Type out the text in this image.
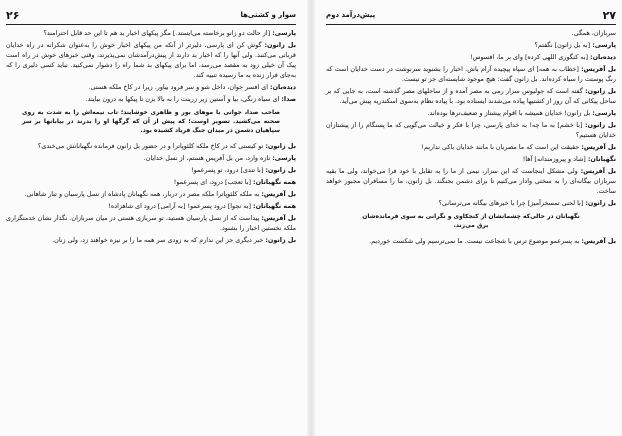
۲۶	سوار و کشتی‌ها

پارسی: [از حالت دو زانو برخاسته می‌ایستد.] مگر پیکهای اخبار بد هم تا این حد قابل احترامند؟

بل زانون: گوش کن ای پارسی، دلیرتر از آنکه من پیکهای اخبار خوش را به‌عنوان شکرانه در راه خدایان قربانی می‌کنند. ولی آنها را که اخبار بد دارند از پیش‌درآمدشان نمی‌پذیرند، وقتی خبرهای خوش در راه است پیک آن خیلی زود به مقصد می‌رسد، اما برای پیکهای بد شما راه را دشوار نمی‌کنید. نباید کسی دلیری را که به‌جای فرار زنده به ما رسیده تنبیه کند.

دیده‌بان: ای افسر جوان، داخل شو و سر فرود بیاور. زیرا در کاخ ملکه هستی.

صدا: ای سیاه زنگی، بیا و آستین زیر زرینت را به بالا بزن تا پیکها به درون بیایند.

صاحب صدا، جوانی با موهای بور و ظاهری خوشایند؛ تاب نیمه‌اش را به شدت به روی صحنه می‌کشید. تصویر اوست؛ که پیش از آن که گرگها او را بدرند در بیابانها بر سر سپاهیان دشمن در میدان جنگ فریاد کشیده بود.

بل زانون: تو کیستی که در کاخ ملکه کلئوپاترا و در حضور بل زانون فرمانده نگهبانانش می‌خندی؟

پارسی: تازه وارد، من بل آفریس هستم، از نسل خدایان.

بل زانون: [با تندی] درود، تو پسرعمو!

همه نگهبانان: [با تعجب] درود، ای پسرعمو!

بل آفریس: به ملکه کلئوپاترا ملکه مصر در دربار، همه نگهبانان پادشاه از نسل پارسیان و تبار شاهانی.

همه نگهبانان: [به نجوا] درود پسرعمو! [به آرامی] درود ای شاهزاده!

بل آفریس: پیداست که از نسل پارسیان هستید، تو سربازی هستی در میان سربازان. نگذار نشان خدمتگزاری ملکه نخستین اخبار را بشنود.

بل زانون: خبر دیگری جز این ندارم که به زودی سر همه ما را بر نیزه خواهند زد، ولی زنان.

پیش‌درآمد دوم	۲۷

سربازان، همگی.

پارسی: [به بل زانون] نگفتم؟

دیده‌بان: [به کنگوری اللهی کرده] وای بر ما، افسوس!

بل آفریس: [خطاب به همه] ای سپاه پیچیده آرام باش. اخبار را بشنوید سرنوشت در دست خدایان است که رنگ پوستت را سیاه کرده‌اند. بل زانون گفت: هیچ موجود شایسته‌ای جز تو نیست.

بل زانون: گفته است که جولیوس سزار رمی به مصر آمده و از ساحلهای مصر گذشته است، به جایی که بر ساحل پیکانی که آن روز از کشتیها پیاده می‌شدند ایستاده بود. با پیاده نظام به‌سوی اسکندریه پیش می‌آید.

پارسی: بل زانون! خدایان همیشه با اقوام پیشتاز و ضعیف‌ترها بوده‌اند.

بل زانون: [با خشم] به ما چه! به خدای پارسی، چرا با فکر و خیالت می‌گویی که ما پسنگام را از پیشتازان خدایان هستیم؟

بل آفریس: حقیقت این است که ما مصریان با مانند خدایان باکی نداریم!

نگهبانان: [شاد و پیروزمندانه] آها!

بل آفریس: ولی مشکل اینجاست که این سزار، نیمی از ما را به تقابل با خود فرا می‌خواند، ولی ما بقیه سربازان بیگانه‌ای را به سختی وادار می‌کنیم تا برای دشمن بجنگند. بل زانون، ما را مسافران مجبور خواهد ساخت.

بل زانون: [با لحنی تمسخرآمیز] چرا با خبرهای بیگانه می‌ترسانی؟

نگهبانان در حالی‌که چشمانشان از کنجکاوی و نگرانی به سوی فرمانده‌شان برق می‌زند.

بل آفریس: به پسرعمو موضوع ترس با شجاعت نیست. ما نمی‌ترسیم ولی شکست خوردیم.
